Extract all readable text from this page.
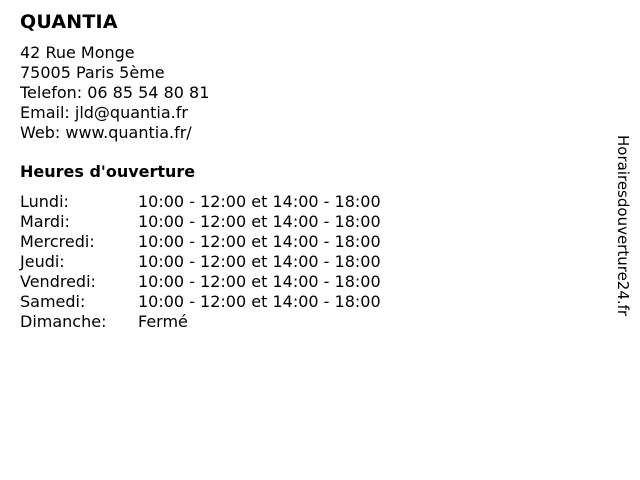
QUANTIA
42 Rue Monge
75005 Paris 5ème
Telefon: 06 85 54 80 81
Email: jld@quantia.fr
Web: www.quantia.fr/
Heures d'ouverture
Lundi:	10:00 - 12:00 et 14:00 - 18:00
Mardi:	10:00 - 12:00 et 14:00 - 18:00
Mercredi:	10:00 - 12:00 et 14:00 - 18:00
Jeudi:	10:00 - 12:00 et 14:00 - 18:00
Vendredi:	10:00 - 12:00 et 14:00 - 18:00
Samedi:	10:00 - 12:00 et 14:00 - 18:00
Dimanche:	Fermé
Horairesdouverture24.fr
